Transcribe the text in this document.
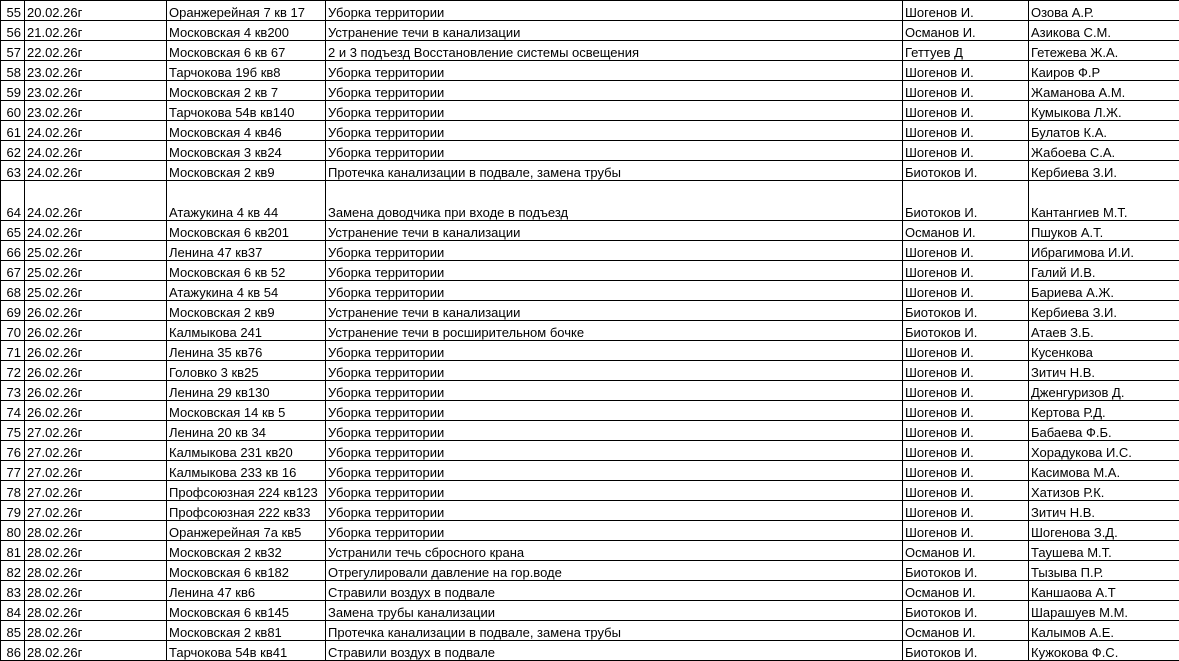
55	20.02.26г	Оранжерейная 7 кв 17	Уборка территории	Шогенов И.	Озова А.Р.
56	21.02.26г	Московская 4 кв200	Устранение течи в канализации	Османов И.	Азикова С.М.
57	22.02.26г	Московская 6 кв 67	2 и 3 подъезд Восстановление системы освещения	Геттуев Д	Гетежева Ж.А.
58	23.02.26г	Тарчокова 19б кв8	Уборка территории	Шогенов И.	Каиров Ф.Р
59	23.02.26г	Московская 2 кв 7	Уборка территории	Шогенов И.	Жаманова А.М.
60	23.02.26г	Тарчокова 54в кв140	Уборка территории	Шогенов И.	Кумыкова Л.Ж.
61	24.02.26г	Московская 4 кв46	Уборка территории	Шогенов И.	Булатов К.А.
62	24.02.26г	Московская 3 кв24	Уборка территории	Шогенов И.	Жабоева С.А.
63	24.02.26г	Московская 2 кв9	Протечка канализации в подвале, замена трубы	Биотоков И.	Кербиева З.И.
64	24.02.26г	Атажукина 4 кв 44	Замена доводчика при входе в подъезд	Биотоков И.	Кантангиев М.Т.
65	24.02.26г	Московская 6 кв201	Устранение течи в канализации	Османов И.	Пшуков А.Т.
66	25.02.26г	Ленина 47 кв37	Уборка территории	Шогенов И.	Ибрагимова И.И.
67	25.02.26г	Московская 6 кв 52	Уборка территории	Шогенов И.	Галий И.В.
68	25.02.26г	Атажукина 4 кв 54	Уборка территории	Шогенов И.	Бариева А.Ж.
69	26.02.26г	Московская 2 кв9	Устранение течи в канализации	Биотоков И.	Кербиева З.И.
70	26.02.26г	Калмыкова 241	Устранение течи в росширительном бочке	Биотоков И.	Атаев З.Б.
71	26.02.26г	Ленина 35 кв76	Уборка территории	Шогенов И.	Кусенкова
72	26.02.26г	Головко 3 кв25	Уборка территории	Шогенов И.	Зитич Н.В.
73	26.02.26г	Ленина 29 кв130	Уборка территории	Шогенов И.	Дженгуризов Д.
74	26.02.26г	Московская 14 кв 5	Уборка территории	Шогенов И.	Кертова Р.Д.
75	27.02.26г	Ленина 20 кв 34	Уборка территории	Шогенов И.	Бабаева Ф.Б.
76	27.02.26г	Калмыкова 231 кв20	Уборка территории	Шогенов И.	Хорадукова И.С.
77	27.02.26г	Калмыкова 233 кв 16	Уборка территории	Шогенов И.	Касимова М.А.
78	27.02.26г	Профсоюзная 224 кв123	Уборка территории	Шогенов И.	Хатизов Р.К.
79	27.02.26г	Профсоюзная 222 кв33	Уборка территории	Шогенов И.	Зитич Н.В.
80	28.02.26г	Оранжерейная 7а кв5	Уборка территории	Шогенов И.	Шогенова З.Д.
81	28.02.26г	Московская 2 кв32	Устранили течь сбросного крана	Османов И.	Таушева М.Т.
82	28.02.26г	Московская 6 кв182	Отрегулировали давление на гор.воде	Биотоков И.	Тызыва П.Р.
83	28.02.26г	Ленина 47 кв6	Стравили воздух в подвале	Османов И.	Каншаова А.Т
84	28.02.26г	Московская 6 кв145	Замена трубы канализации	Биотоков И.	Шарашуев М.М.
85	28.02.26г	Московская 2 кв81	Протечка канализации в подвале, замена трубы	Османов И.	Калымов А.Е.
86	28.02.26г	Тарчокова 54в кв41	Стравили воздух в подвале	Биотоков И.	Кужокова Ф.С.
